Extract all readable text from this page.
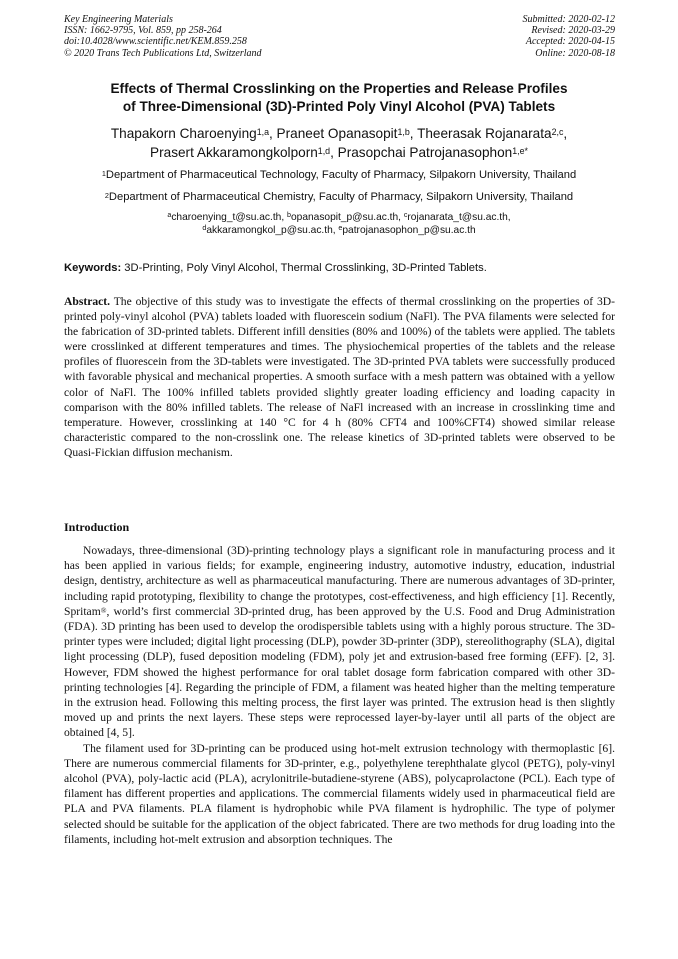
Key Engineering Materials
ISSN: 1662-9795, Vol. 859, pp 258-264
doi:10.4028/www.scientific.net/KEM.859.258
© 2020 Trans Tech Publications Ltd, Switzerland
Submitted: 2020-02-12
Revised: 2020-03-29
Accepted: 2020-04-15
Online: 2020-08-18
Effects of Thermal Crosslinking on the Properties and Release Profiles
of Three-Dimensional (3D)-Printed Poly Vinyl Alcohol (PVA) Tablets
Thapakorn Charoenying$^{1,a}$, Praneet Opanasopit$^{1,b}$, Theerasak Rojanarata$^{2,c}$,
Prasert Akkaramongkolporn$^{1,d}$, Prasopchai Patrojanasophon$^{1,e*}$
$^1$Department of Pharmaceutical Technology, Faculty of Pharmacy, Silpakorn University, Thailand
$^2$Department of Pharmaceutical Chemistry, Faculty of Pharmacy, Silpakorn University, Thailand
$^a$charoenying_t@su.ac.th, $^b$opanasopit_p@su.ac.th, $^c$rojanarata_t@su.ac.th,
$^d$akkaramongkol_p@su.ac.th, $^e$patrojanasophon_p@su.ac.th
Keywords: 3D-Printing, Poly Vinyl Alcohol, Thermal Crosslinking, 3D-Printed Tablets.

Abstract. The objective of this study was to investigate the effects of thermal crosslinking on the properties of 3D-printed poly-vinyl alcohol (PVA) tablets loaded with fluorescein sodium (NaFl). The PVA filaments were selected for the fabrication of 3D-printed tablets. Different infill densities (80% and 100%) of the tablets were applied. The tablets were crosslinked at different temperatures and times. The physiochemical properties of the tablets and the release profiles of fluorescein from the 3D-tablets were investigated. The 3D-printed PVA tablets were successfully produced with favorable physical and mechanical properties. A smooth surface with a mesh pattern was obtained with a yellow color of NaFl. The 100% infilled tablets provided slightly greater loading efficiency and loading capacity in comparison with the 80% infilled tablets. The release of NaFl increased with an increase in crosslinking time and temperature. However, crosslinking at 140 °C for 4 h (80% CFT4 and 100%CFT4) showed similar release characteristic compared to the non-crosslink one. The release kinetics of 3D-printed tablets were observed to be Quasi-Fickian diffusion mechanism.

Introduction

Nowadays, three-dimensional (3D)-printing technology plays a significant role in manufacturing process and it has been applied in various fields; for example, engineering industry, automotive industry, education, industrial design, dentistry, architecture as well as pharmaceutical manufacturing. There are numerous advantages of 3D-printer, including rapid prototyping, flexibility to change the prototypes, cost-effectiveness, and high efficiency [1]. Recently, Spritam®, world’s first commercial 3D-printed drug, has been approved by the U.S. Food and Drug Administration (FDA). 3D printing has been used to develop the orodispersible tablets using with a highly porous structure. The 3D-printer types were included; digital light processing (DLP), powder 3D-printer (3DP), stereolithography (SLA), digital light processing (DLP), fused deposition modeling (FDM), poly jet and extrusion-based free forming (EFF). [2, 3]. However, FDM showed the highest performance for oral tablet dosage form fabrication compared with other 3D-printing technologies [4]. Regarding the principle of FDM, a filament was heated higher than the melting temperature in the extrusion head. Following this melting process, the first layer was printed. The extrusion head is then slightly moved up and prints the next layers. These steps were reprocessed layer-by-layer until all parts of the object are obtained [4, 5].

The filament used for 3D-printing can be produced using hot-melt extrusion technology with thermoplastic [6]. There are numerous commercial filaments for 3D-printer, e.g., polyethylene terephthalate glycol (PETG), poly-vinyl alcohol (PVA), poly-lactic acid (PLA), acrylonitrile-butadiene-styrene (ABS), polycaprolactone (PCL). Each type of filament has different properties and applications. The commercial filaments widely used in pharmaceutical field are PLA and PVA filaments. PLA filament is hydrophobic while PVA filament is hydrophilic. The type of polymer selected should be suitable for the application of the object fabricated. There are two methods for drug loading into the filaments, including hot-melt extrusion and absorption techniques. The
